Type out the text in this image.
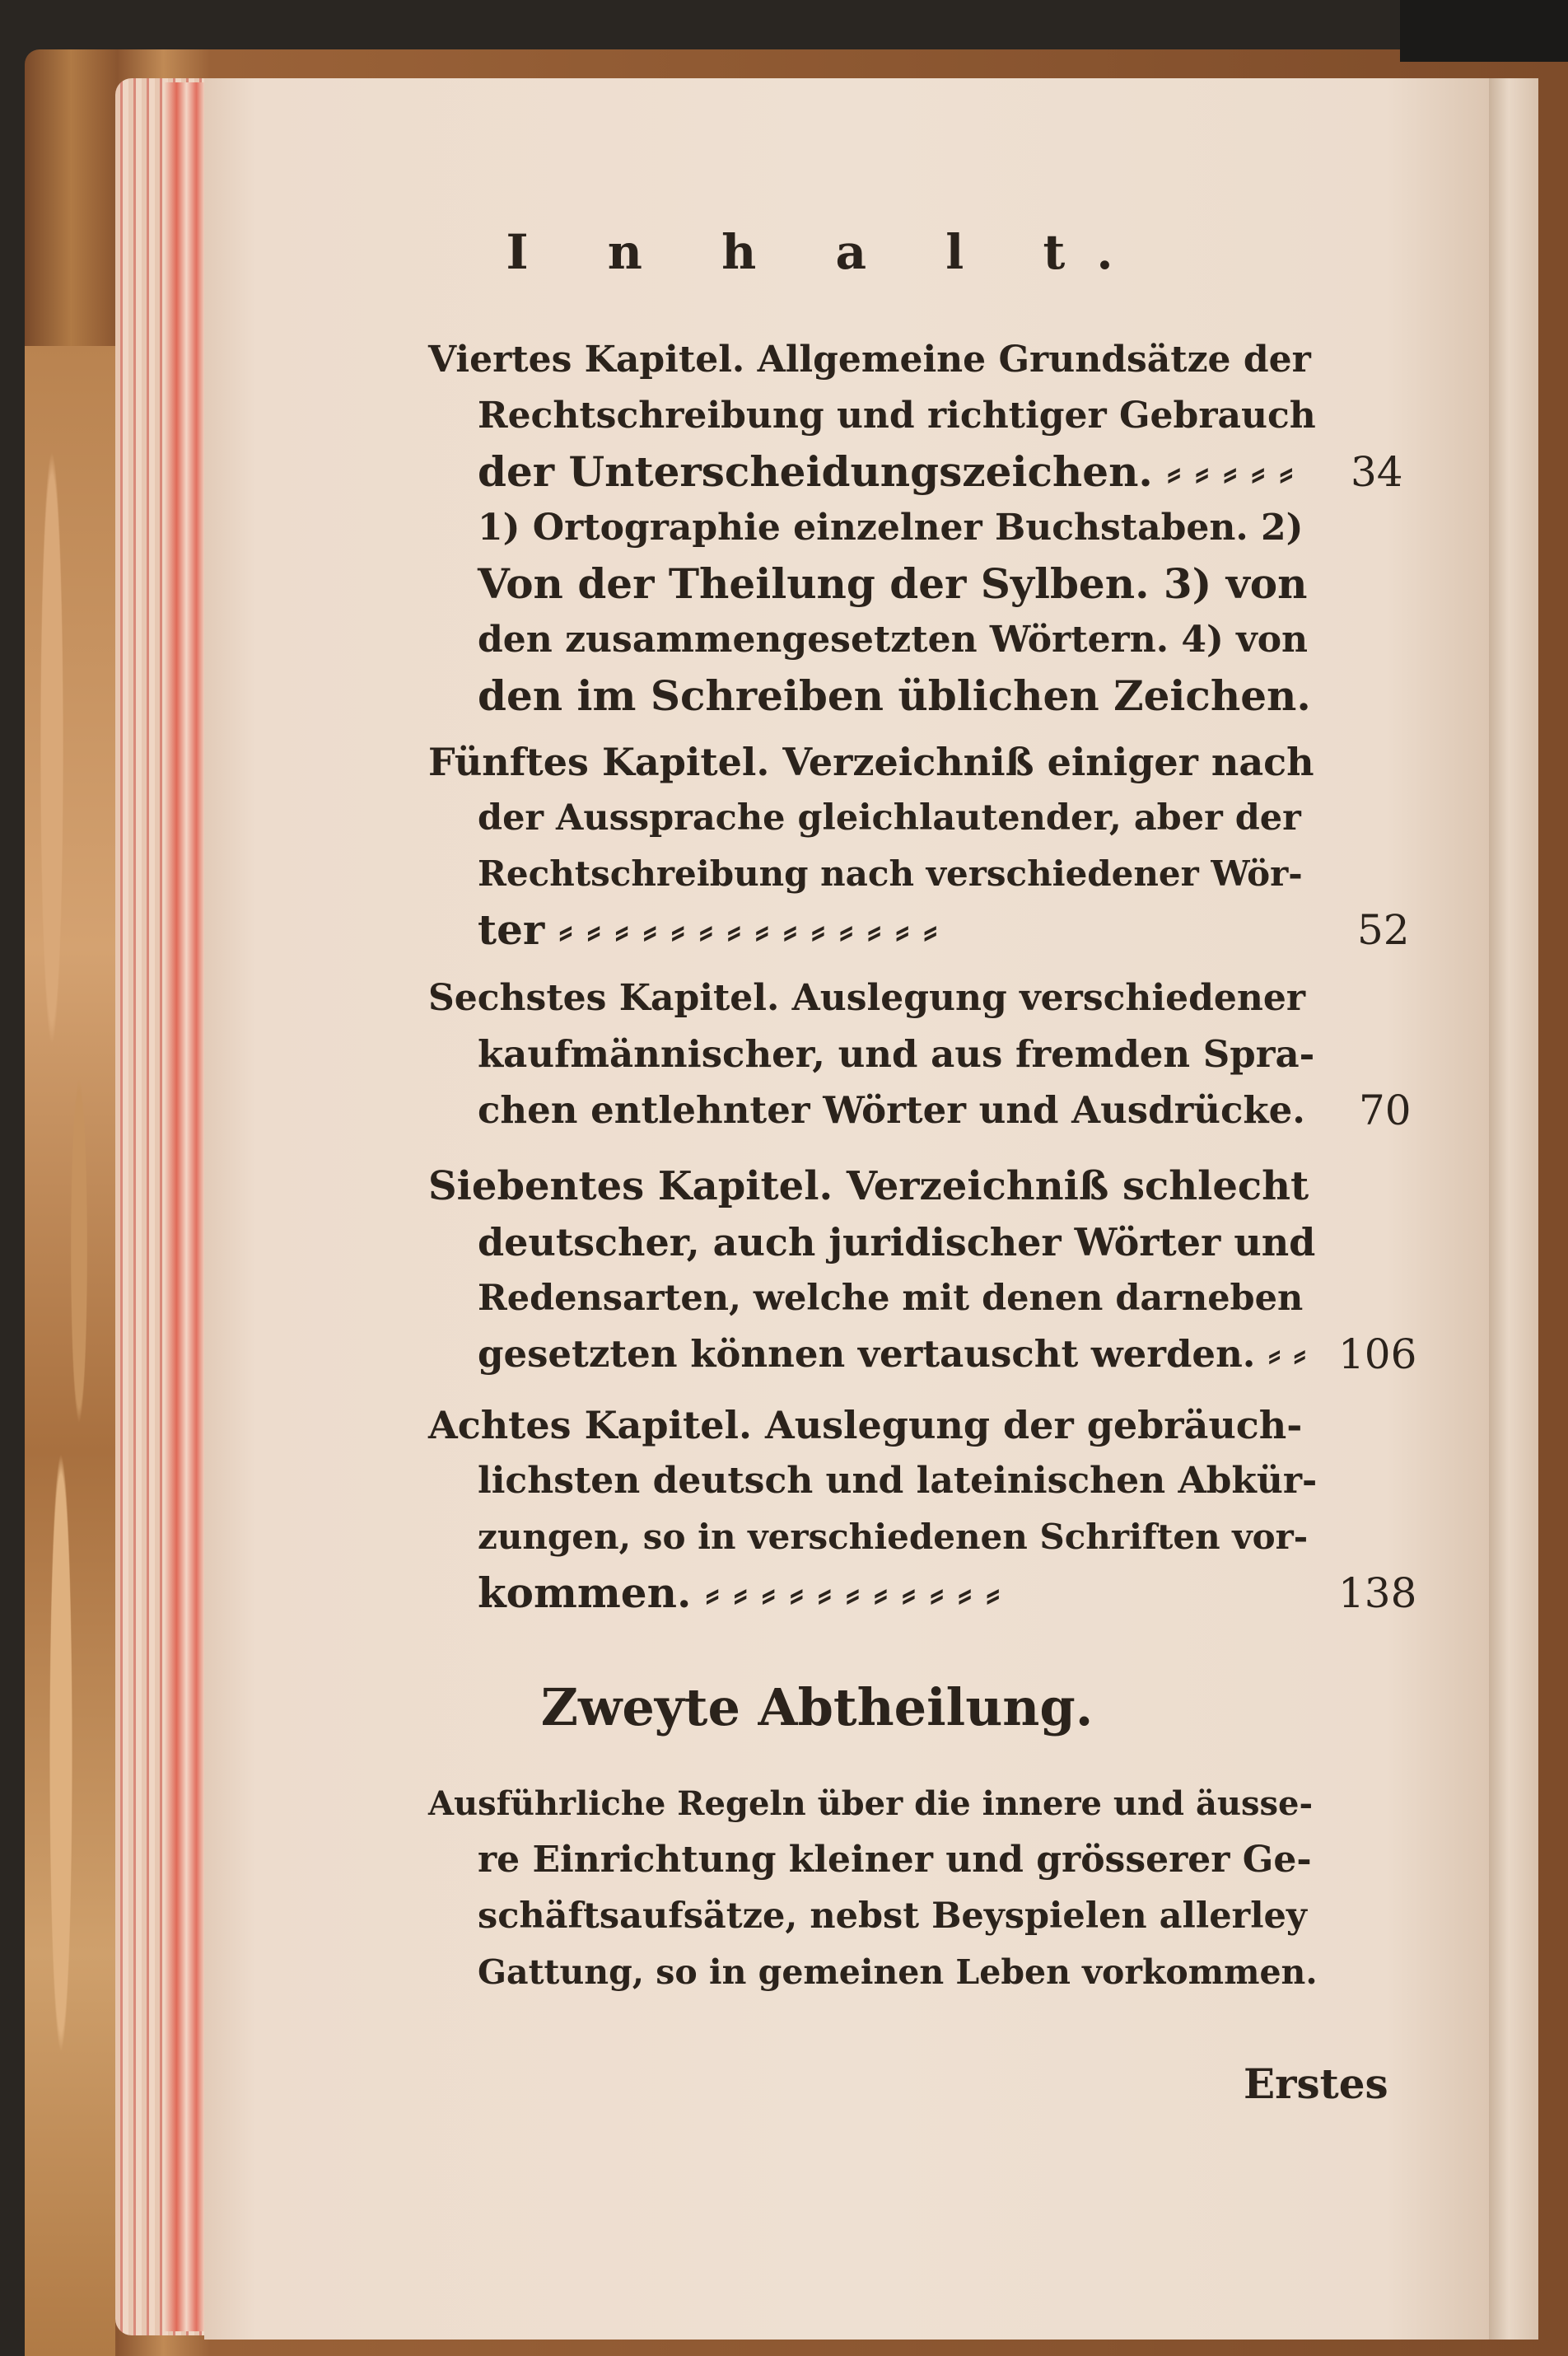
I n h a l t.
Viertes Kapitel. Allgemeine Grundsätze der
Rechtschreibung und richtiger Gebrauch
der Unterscheidungszeichen. ⸗ ⸗ ⸗ ⸗ ⸗ 34
1) Ortographie einzelner Buchstaben. 2)
Von der Theilung der Sylben. 3) von
den zusammengesetzten Wörtern. 4) von
den im Schreiben üblichen Zeichen.
Fünftes Kapitel. Verzeichniß einiger nach
der Aussprache gleichlautender, aber der
Rechtschreibung nach verschiedener Wör-
ter ⸗ ⸗ ⸗ ⸗ ⸗ ⸗ ⸗ ⸗ ⸗ ⸗ ⸗ ⸗ ⸗ ⸗	52
Sechstes Kapitel. Auslegung verschiedener
kaufmännischer, und aus fremden Spra-
chen entlehnter Wörter und Ausdrücke. 70
Siebentes Kapitel. Verzeichniß schlecht
deutscher, auch juridischer Wörter und
Redensarten, welche mit denen darneben
gesetzten können vertauscht werden. ⸗ ⸗ 106
Achtes Kapitel. Auslegung der gebräuch-
lichsten deutsch und lateinischen Abkür-
zungen, so in verschiedenen Schriften vor-
kommen. ⸗ ⸗ ⸗ ⸗ ⸗ ⸗ ⸗ ⸗ ⸗ ⸗ ⸗	138
Zweyte Abtheilung.
Ausführliche Regeln über die innere und äusse-
re Einrichtung kleiner und grösserer Ge-
schäftsaufsätze, nebst Beyspielen allerley
Gattung, so in gemeinen Leben vorkommen.
Erstes
